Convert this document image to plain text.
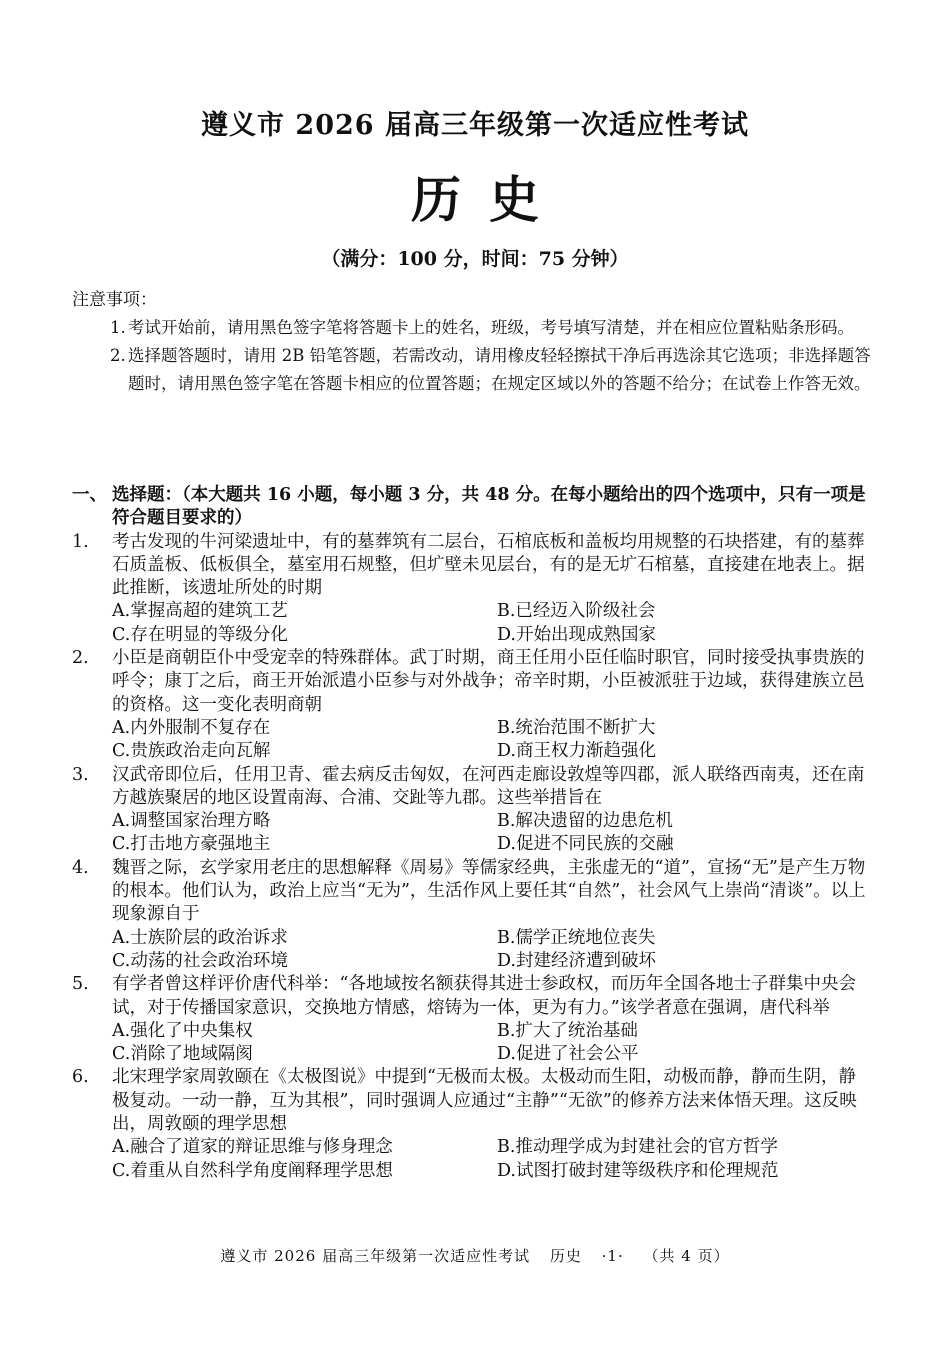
遵义市 2026 届高三年级第一次适应性考试
历史
（满分：100 分，时间：75 分钟）
注意事项：
1. 考试开始前，请用黑色签字笔将答题卡上的姓名，班级，考号填写清楚，并在相应位置粘贴条形码。
2. 选择题答题时，请用 2B 铅笔答题，若需改动，请用橡皮轻轻擦拭干净后再选涂其它选项；非选择题答题时，请用黑色签字笔在答题卡相应的位置答题；在规定区域以外的答题不给分；在试卷上作答无效。
一、 选择题：（本大题共 16 小题，每小题 3 分，共 48 分。在每小题给出的四个选项中，只有一项是符合题目要求的）
1.	考古发现的牛河梁遗址中，有的墓葬筑有二层台，石棺底板和盖板均用规整的石块搭建，有的墓葬石质盖板、低板俱全，墓室用石规整，但圹壁未见层台，有的是无圹石棺墓，直接建在地表上。据此推断，该遗址所处的时期
A.掌握高超的建筑工艺	B.已经迈入阶级社会
C.存在明显的等级分化	D.开始出现成熟国家
2.	小臣是商朝臣仆中受宠幸的特殊群体。武丁时期，商王任用小臣任临时职官，同时接受执事贵族的呼令；康丁之后，商王开始派遣小臣参与对外战争；帝辛时期，小臣被派驻于边域，获得建族立邑的资格。这一变化表明商朝
A.内外服制不复存在	B.统治范围不断扩大
C.贵族政治走向瓦解	D.商王权力渐趋强化
3.	汉武帝即位后，任用卫青、霍去病反击匈奴，在河西走廊设敦煌等四郡，派人联络西南夷，还在南方越族聚居的地区设置南海、合浦、交趾等九郡。这些举措旨在
A.调整国家治理方略	B.解决遗留的边患危机
C.打击地方豪强地主	D.促进不同民族的交融
4.	魏晋之际，玄学家用老庄的思想解释《周易》等儒家经典，主张虚无的“道”，宣扬“无”是产生万物的根本。他们认为，政治上应当“无为”，生活作风上要任其“自然”，社会风气上崇尚“清谈”。以上现象源自于
A.士族阶层的政治诉求	B.儒学正统地位丧失
C.动荡的社会政治环境	D.封建经济遭到破坏
5.	有学者曾这样评价唐代科举：“各地域按名额获得其进士参政权，而历年全国各地士子群集中央会试，对于传播国家意识，交换地方情感，熔铸为一体，更为有力。”该学者意在强调，唐代科举
A.强化了中央集权	B.扩大了统治基础
C.消除了地域隔阂	D.促进了社会公平
6.	北宋理学家周敦颐在《太极图说》中提到“无极而太极。太极动而生阳，动极而静，静而生阴，静极复动。一动一静，互为其根”，同时强调人应通过“主静”“无欲”的修养方法来体悟天理。这反映出，周敦颐的理学思想
A.融合了道家的辩证思维与修身理念	B.推动理学成为封建社会的官方哲学
C.着重从自然科学角度阐释理学思想	D.试图打破封建等级秩序和伦理规范
遵义市 2026 届高三年级第一次适应性考试 历史 ·1· （共 4 页）
